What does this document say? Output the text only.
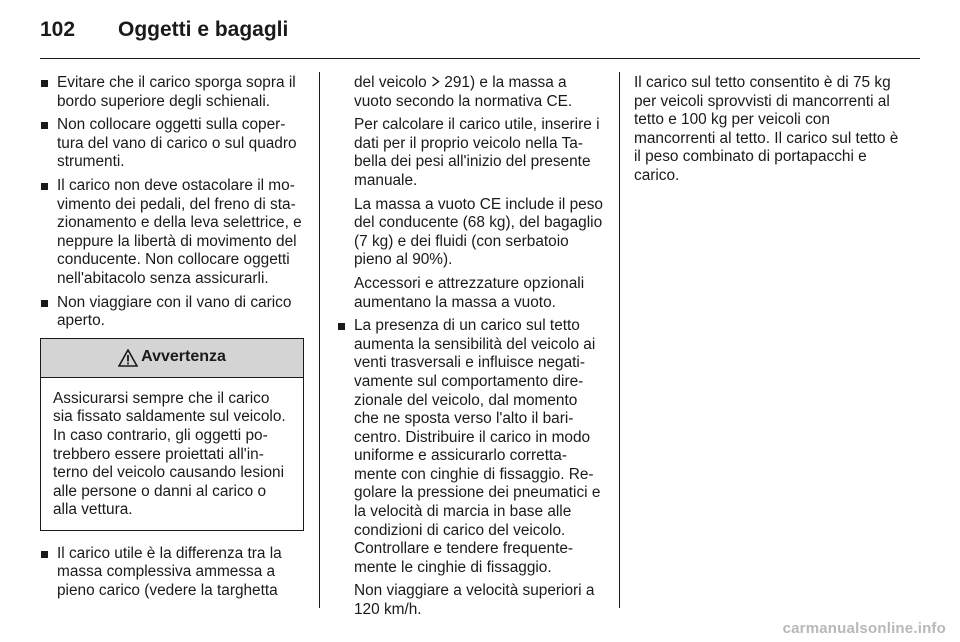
102 Oggetti e bagagli
Evitare che il carico sporga sopra il bordo superiore degli schienali.
Non collocare oggetti sulla copertura del vano di carico o sul quadro strumenti.
Il carico non deve ostacolare il movimento dei pedali, del freno di stazionamento e della leva selettrice, e neppure la libertà di movimento del conducente. Non collocare oggetti nell'abitacolo senza assicurarli.
Non viaggiare con il vano di carico aperto.
Avvertenza
Assicurarsi sempre che il carico sia fissato saldamente sul veicolo. In caso contrario, gli oggetti potrebbero essere proiettati all'interno del veicolo causando lesioni alle persone o danni al carico o alla vettura.
Il carico utile è la differenza tra la massa complessiva ammessa a pieno carico (vedere la targhetta

del veicolo  291) e la massa a vuoto secondo la normativa CE.

Per calcolare il carico utile, inserire i dati per il proprio veicolo nella Tabella dei pesi all'inizio del presente manuale.

La massa a vuoto CE include il peso del conducente (68 kg), del bagaglio (7 kg) e dei fluidi (con serbatoio pieno al 90%).

Accessori e attrezzature opzionali aumentano la massa a vuoto.

La presenza di un carico sul tetto aumenta la sensibilità del veicolo ai venti trasversali e influisce negativamente sul comportamento direzionale del veicolo, dal momento che ne sposta verso l'alto il baricentro. Distribuire il carico in modo uniforme e assicurarlo correttamente con cinghie di fissaggio. Regolare la pressione dei pneumatici e la velocità di marcia in base alle condizioni di carico del veicolo. Controllare e tendere frequentemente le cinghie di fissaggio.

Non viaggiare a velocità superiori a 120 km/h.

Il carico sul tetto consentito è di 75 kg per veicoli sprovvisti di mancorrenti al tetto e 100 kg per veicoli con mancorrenti al tetto. Il carico sul tetto è il peso combinato di portapacchi e carico.

carmanualsonline.info
